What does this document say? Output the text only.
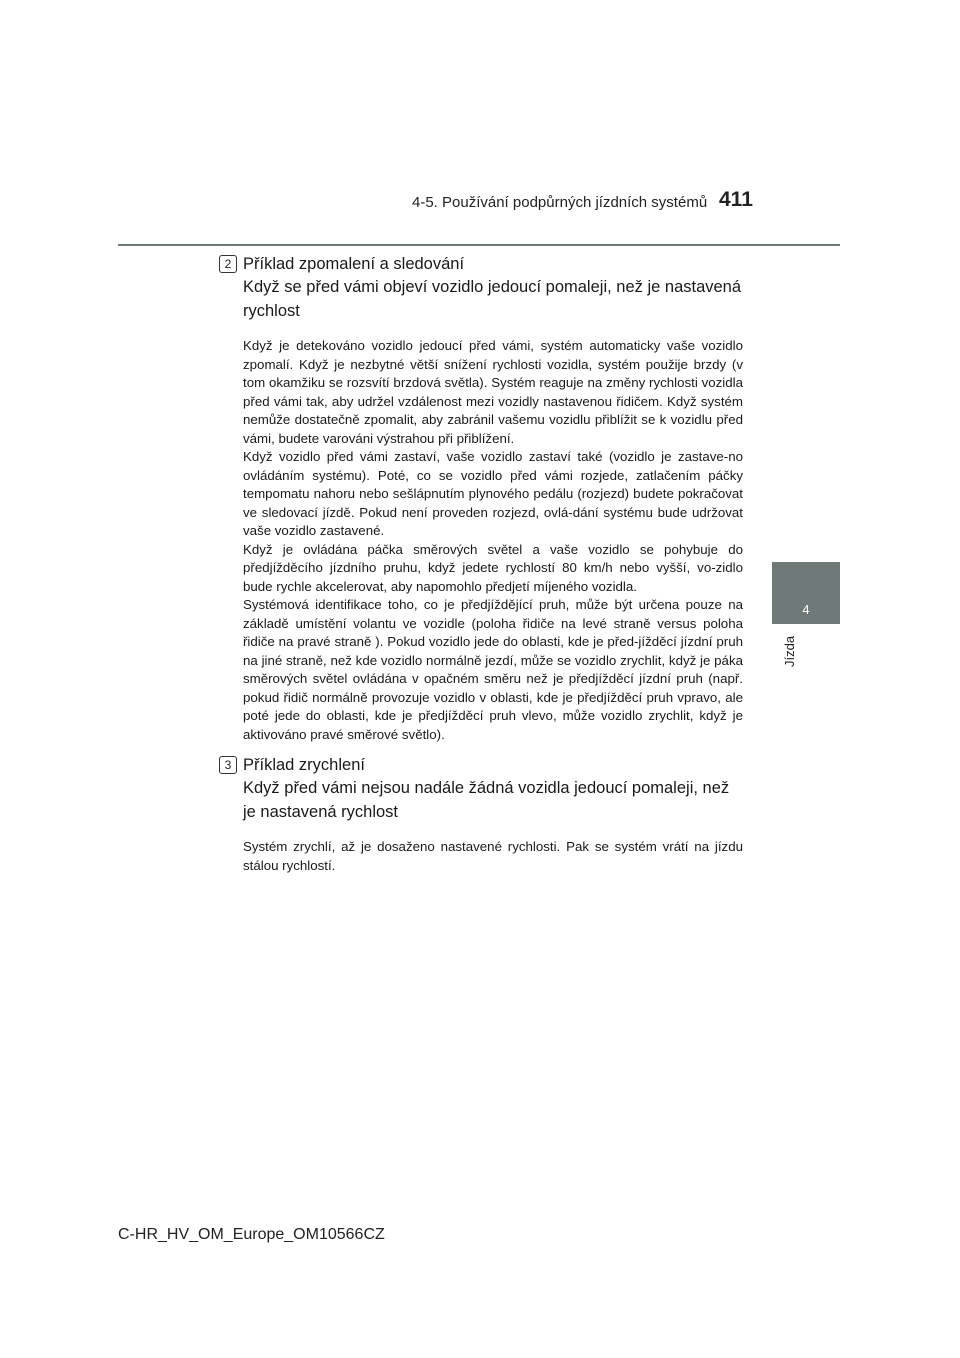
4-5. Používání podpůrných jízdních systémů 411
4
Jízda
2 Příklad zpomalení a sledování
Když se před vámi objeví vozidlo jedoucí pomaleji, než je nastavená rychlost

Když je detekováno vozidlo jedoucí před vámi, systém automaticky vaše vozidlo zpomalí. Když je nezbytné větší snížení rychlosti vozidla, systém použije brzdy (v tom okamžiku se rozsvítí brzdová světla). Systém reaguje na změny rychlosti vozidla před vámi tak, aby udržel vzdálenost mezi vozidly nastavenou řidičem. Když systém nemůže dostatečně zpomalit, aby zabránil vašemu vozidlu přiblížit se k vozidlu před vámi, budete varováni výstrahou při přiblížení.

Když vozidlo před vámi zastaví, vaše vozidlo zastaví také (vozidlo je zastave-no ovládáním systému). Poté, co se vozidlo před vámi rozjede, zatlačením páčky tempomatu nahoru nebo sešlápnutím plynového pedálu (rozjezd) budete pokračovat ve sledovací jízdě. Pokud není proveden rozjezd, ovlá-dání systému bude udržovat vaše vozidlo zastavené.

Když je ovládána páčka směrových světel a vaše vozidlo se pohybuje do předjížděcího jízdního pruhu, když jedete rychlostí 80 km/h nebo vyšší, vo-zidlo bude rychle akcelerovat, aby napomohlo předjetí míjeného vozidla.

Systémová identifikace toho, co je předjíždějící pruh, může být určena pouze na základě umístění volantu ve vozidle (poloha řidiče na levé straně versus poloha řidiče na pravé straně ). Pokud vozidlo jede do oblasti, kde je před-jížděcí jízdní pruh na jiné straně, než kde vozidlo normálně jezdí, může se vozidlo zrychlit, když je páka směrových světel ovládána v opačném směru než je předjížděcí jízdní pruh (např. pokud řidič normálně provozuje vozidlo v oblasti, kde je předjížděcí pruh vpravo, ale poté jede do oblasti, kde je předjížděcí pruh vlevo, může vozidlo zrychlit, když je aktivováno pravé směrové světlo).

3 Příklad zrychlení
Když před vámi nejsou nadále žádná vozidla jedoucí pomaleji, než je nastavená rychlost

Systém zrychlí, až je dosaženo nastavené rychlosti. Pak se systém vrátí na jízdu stálou rychlostí.

C-HR_HV_OM_Europe_OM10566CZ
